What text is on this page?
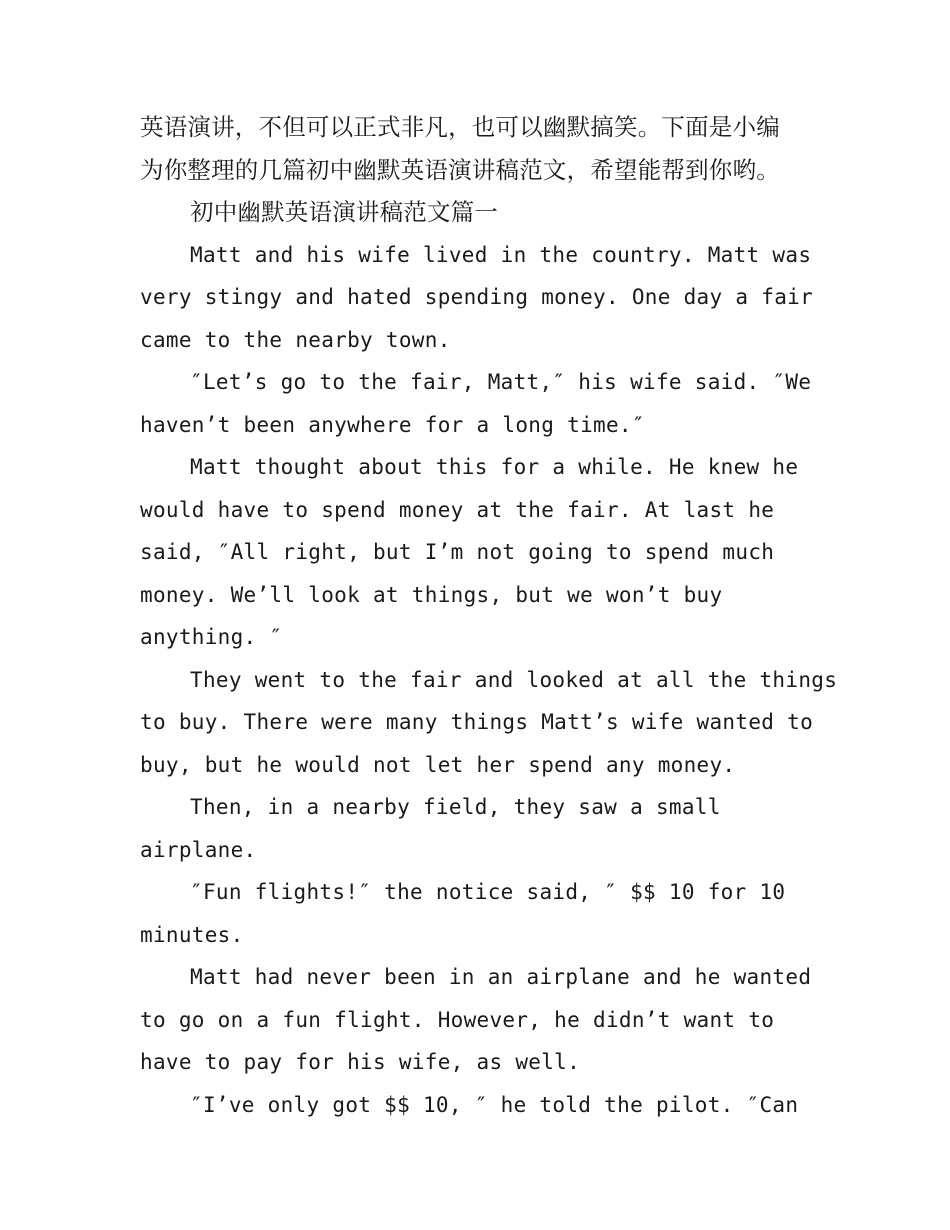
英语演讲，不但可以正式非凡，也可以幽默搞笑。下面是小编
为你整理的几篇初中幽默英语演讲稿范文，希望能帮到你哟。
初中幽默英语演讲稿范文篇一
Matt and his wife lived in the country. Matt was
very stingy and hated spending money. One day a fair
came to the nearby town.
″Let’s go to the fair, Matt,″ his wife said. ″We
haven’t been anywhere for a long time.″
Matt thought about this for a while. He knew he
would have to spend money at the fair. At last he
said, ″All right, but I’m not going to spend much
money. We’ll look at things, but we won’t buy
anything. ″
They went to the fair and looked at all the things
to buy. There were many things Matt’s wife wanted to
buy, but he would not let her spend any money.
Then, in a nearby field, they saw a small
airplane.
″Fun flights!″ the notice said, ″ $$ 10 for 10
minutes.
Matt had never been in an airplane and he wanted
to go on a fun flight. However, he didn’t want to
have to pay for his wife, as well.
″I’ve only got $$ 10, ″ he told the pilot. ″Can
